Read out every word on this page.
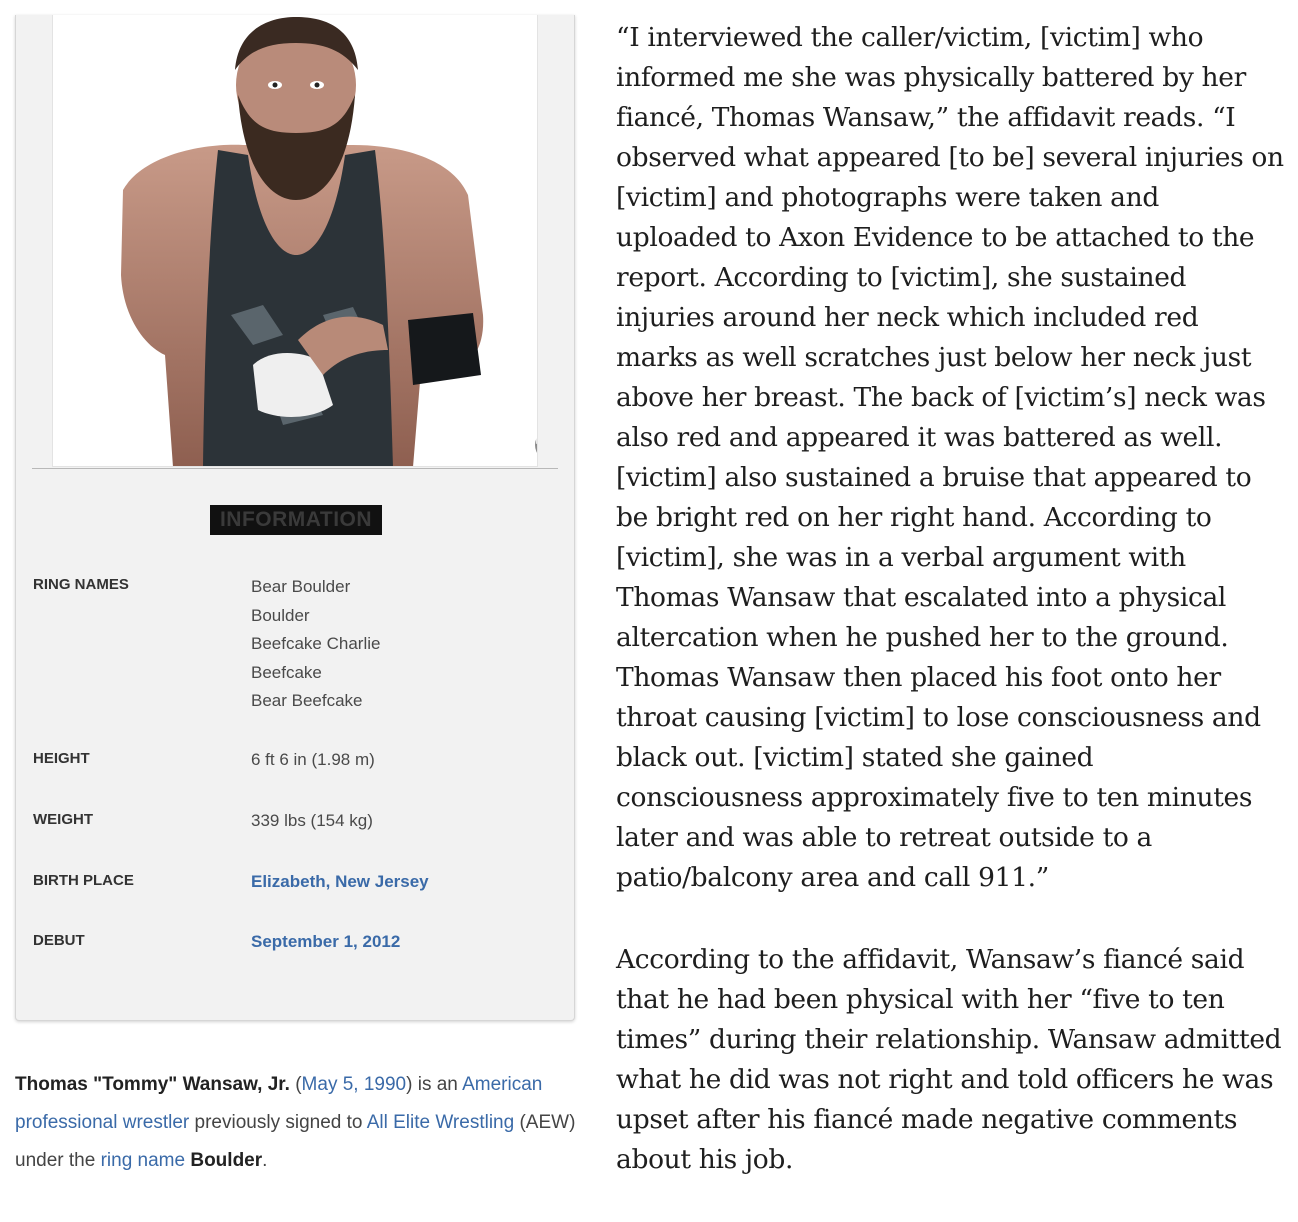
INFORMATION
RING NAMES	Bear Boulder
Boulder
Beefcake Charlie
Beefcake
Bear Beefcake
HEIGHT	6 ft 6 in (1.98 m)
WEIGHT	339 lbs (154 kg)
BIRTH PLACE	Elizabeth, New Jersey
DEBUT	September 1, 2012
Thomas "Tommy" Wansaw, Jr. (May 5, 1990) is an American professional wrestler previously signed to All Elite Wrestling (AEW) under the ring name Boulder.

“I interviewed the caller/victim, [victim] who informed me she was physically battered by her fiancé, Thomas Wansaw,” the affidavit reads. “I observed what appeared [to be] several injuries on [victim] and photographs were taken and uploaded to Axon Evidence to be attached to the report. According to [victim], she sustained injuries around her neck which included red marks as well scratches just below her neck just above her breast. The back of [victim’s] neck was also red and appeared it was battered as well. [victim] also sustained a bruise that appeared to be bright red on her right hand. According to [victim], she was in a verbal argument with Thomas Wansaw that escalated into a physical altercation when he pushed her to the ground. Thomas Wansaw then placed his foot onto her throat causing [victim] to lose consciousness and black out. [victim] stated she gained consciousness approximately five to ten minutes later and was able to retreat outside to a patio/balcony area and call 911.”

According to the affidavit, Wansaw’s fiancé said that he had been physical with her “five to ten times” during their relationship. Wansaw admitted what he did was not right and told officers he was upset after his fiancé made negative comments about his job.
